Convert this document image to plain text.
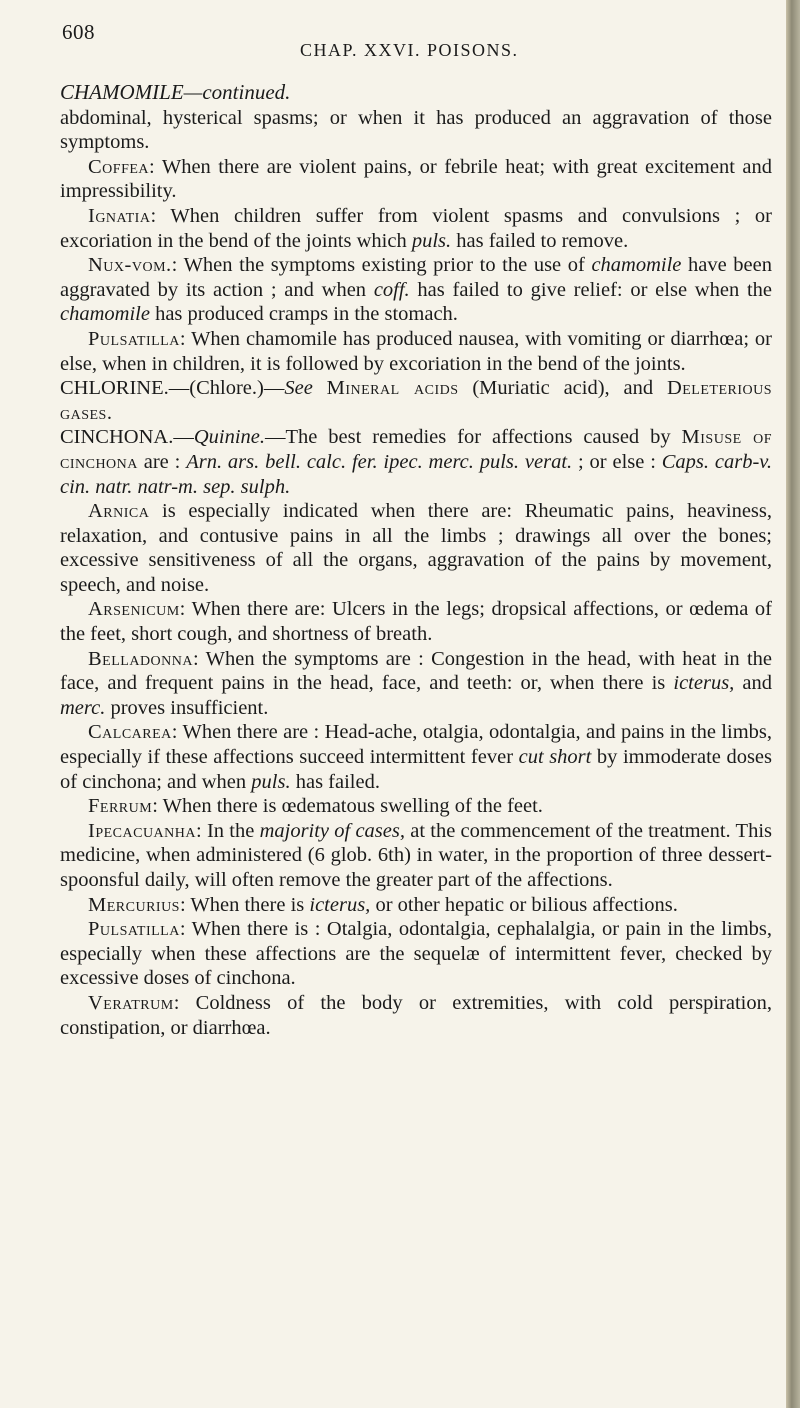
608
CHAP. XXVI. POISONS.

CHAMOMILE—continued.

abdominal, hysterical spasms; or when it has produced an aggravation of those symptoms.

Coffea: When there are violent pains, or febrile heat; with great excitement and impressibility.

Ignatia: When children suffer from violent spasms and convulsions ; or excoriation in the bend of the joints which puls. has failed to remove.

Nux-vom.: When the symptoms existing prior to the use of chamomile have been aggravated by its action ; and when coff. has failed to give relief: or else when the chamomile has produced cramps in the stomach.

Pulsatilla: When chamomile has produced nausea, with vomiting or diarrhœa; or else, when in children, it is followed by excoriation in the bend of the joints.

CHLORINE.—(Chlore.)—See Mineral acids (Muriatic acid), and Deleterious gases.

CINCHONA.—Quinine.—The best remedies for affections caused by Misuse of cinchona are : Arn. ars. bell. calc. fer. ipec. merc. puls. verat. ; or else : Caps. carb-v. cin. natr. natr-m. sep. sulph.

Arnica is especially indicated when there are: Rheumatic pains, heaviness, relaxation, and contusive pains in all the limbs ; drawings all over the bones; excessive sensitiveness of all the organs, aggravation of the pains by movement, speech, and noise.

Arsenicum: When there are: Ulcers in the legs; dropsical affections, or œdema of the feet, short cough, and shortness of breath.

Belladonna: When the symptoms are : Congestion in the head, with heat in the face, and frequent pains in the head, face, and teeth: or, when there is icterus, and merc. proves insufficient.

Calcarea: When there are : Head-ache, otalgia, odontalgia, and pains in the limbs, especially if these affections succeed intermittent fever cut short by immoderate doses of cinchona; and when puls. has failed.

Ferrum: When there is œdematous swelling of the feet.

Ipecacuanha: In the majority of cases, at the commencement of the treatment. This medicine, when administered (6 glob. 6th) in water, in the proportion of three dessert-spoonsful daily, will often remove the greater part of the affections.

Mercurius: When there is icterus, or other hepatic or bilious affections.

Pulsatilla: When there is : Otalgia, odontalgia, cephalalgia, or pain in the limbs, especially when these affections are the sequelæ of intermittent fever, checked by excessive doses of cinchona.

Veratrum: Coldness of the body or extremities, with cold perspiration, constipation, or diarrhœa.
